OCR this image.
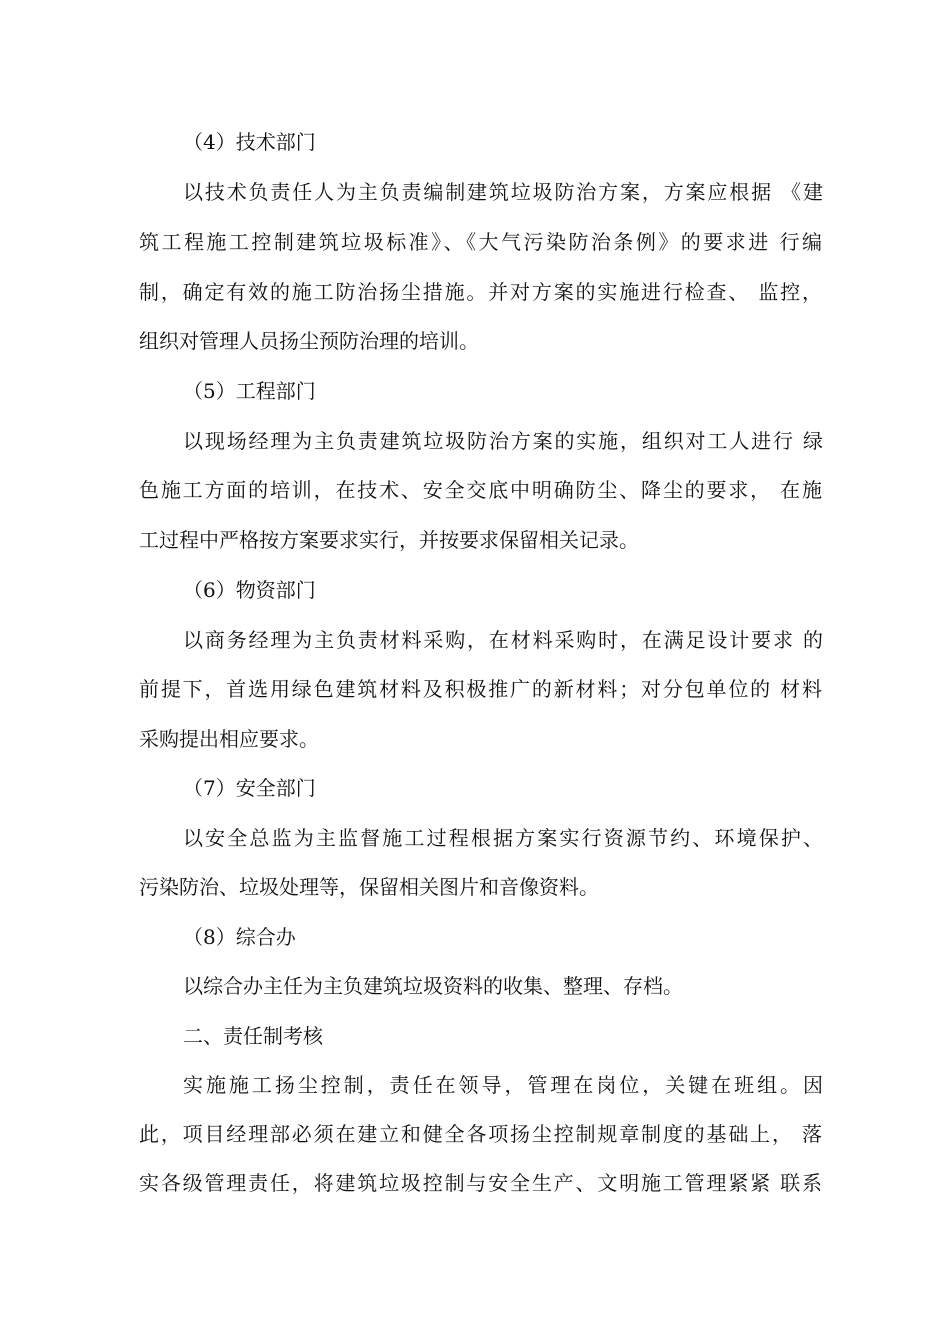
（4）技术部门

以技术负责任人为主负责编制建筑垃圾防治方案，方案应根据 《建

筑工程施工控制建筑垃圾标准》、《大气污染防治条例》的要求进 行编

制，确定有效的施工防治扬尘措施。并对方案的实施进行检查、 监控，

组织对管理人员扬尘预防治理的培训。

（5）工程部门

以现场经理为主负责建筑垃圾防治方案的实施，组织对工人进行 绿

色施工方面的培训，在技术、安全交底中明确防尘、降尘的要求， 在施

工过程中严格按方案要求实行，并按要求保留相关记录。

（6）物资部门

以商务经理为主负责材料采购，在材料采购时，在满足设计要求 的

前提下，首选用绿色建筑材料及积极推广的新材料；对分包单位的 材料

采购提出相应要求。

（7）安全部门

以安全总监为主监督施工过程根据方案实行资源节约、环境保护、

污染防治、垃圾处理等，保留相关图片和音像资料。

（8）综合办

以综合办主任为主负建筑垃圾资料的收集、整理、存档。

二、责任制考核

实施施工扬尘控制，责任在领导，管理在岗位，关键在班组。因

此，项目经理部必须在建立和健全各项扬尘控制规章制度的基础上， 落

实各级管理责任，将建筑垃圾控制与安全生产、文明施工管理紧紧 联系
